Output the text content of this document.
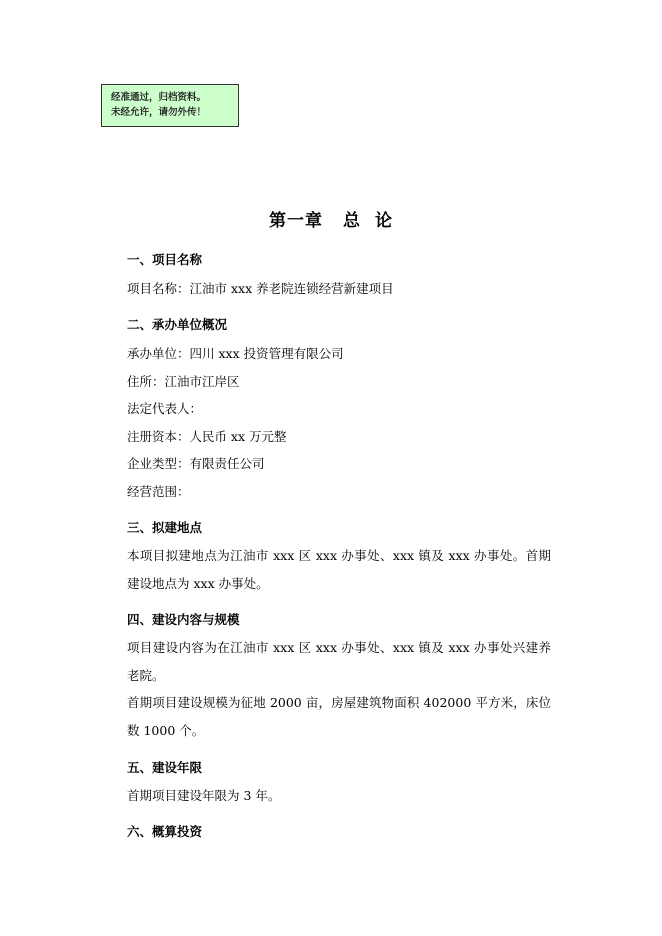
经准通过，归档资料。
未经允许，请勿外传！
第一章 总 论
一、项目名称
项目名称：江油市 xxx 养老院连锁经营新建项目
二、承办单位概况
承办单位：四川 xxx 投资管理有限公司
住所：江油市江岸区
法定代表人：
注册资本：人民币 xx 万元整
企业类型：有限责任公司
经营范围：
三、拟建地点
本项目拟建地点为江油市 xxx 区 xxx 办事处、xxx 镇及 xxx 办事处。首期
建设地点为 xxx 办事处。
四、建设内容与规模
项目建设内容为在江油市 xxx 区 xxx 办事处、xxx 镇及 xxx 办事处兴建养
老院。
首期项目建设规模为征地 2000 亩，房屋建筑物面积 402000 平方米，床位
数 1000 个。
五、建设年限
首期项目建设年限为 3 年。
六、概算投资
